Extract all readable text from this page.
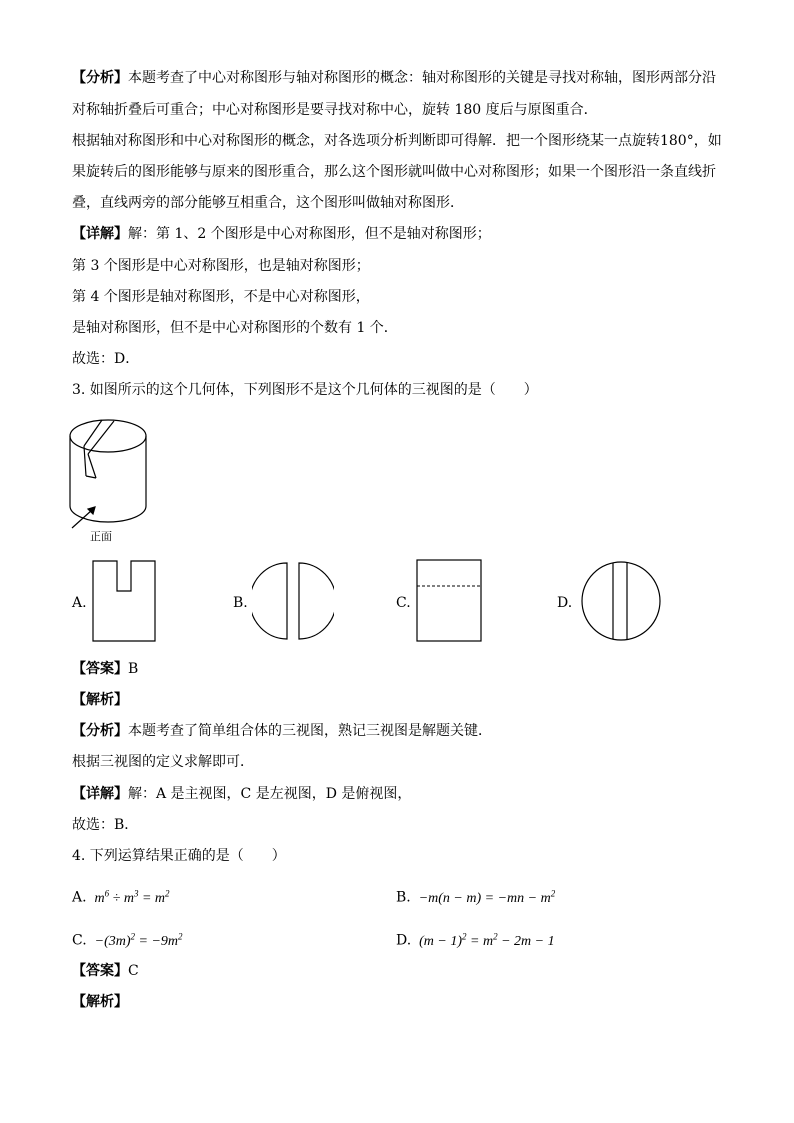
【分析】本题考查了中心对称图形与轴对称图形的概念：轴对称图形的关键是寻找对称轴，图形两部分沿
对称轴折叠后可重合；中心对称图形是要寻找对称中心，旋转 180 度后与原图重合．
根据轴对称图形和中心对称图形的概念，对各选项分析判断即可得解．把一个图形绕某一点旋转180°，如
果旋转后的图形能够与原来的图形重合，那么这个图形就叫做中心对称图形；如果一个图形沿一条直线折
叠，直线两旁的部分能够互相重合，这个图形叫做轴对称图形．
【详解】解：第 1、2 个图形是中心对称图形，但不是轴对称图形；
第 3 个图形是中心对称图形，也是轴对称图形；
第 4 个图形是轴对称图形，不是中心对称图形，
是轴对称图形，但不是中心对称图形的个数有 1 个．
故选：D．
3. 如图所示的这个几何体，下列图形不是这个几何体的三视图的是（　　）
正面
A.	B.	C.	D.
【答案】B
【解析】
【分析】本题考查了简单组合体的三视图，熟记三视图是解题关键．
根据三视图的定义求解即可．
【详解】解：A 是主视图，C 是左视图，D 是俯视图，
故选：B．
4. 下列运算结果正确的是（　　）
A.  $m^6 \div m^3 = m^2$	B.  $-m(n - m) = -mn - m^2$
C.  $-(3m)^2 = -9m^2$	D.  $(m - 1)^2 = m^2 - 2m - 1$
【答案】C
【解析】
